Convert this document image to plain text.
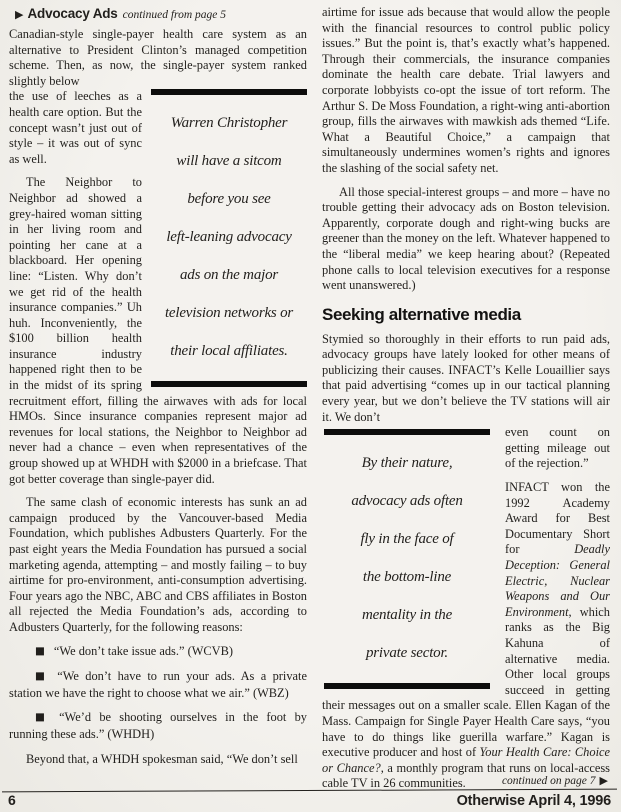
▶ Advocacy Ads continued from page 5

Canadian-style single-payer health care system as an alternative to President Clinton’s managed competition scheme. Then, as now, the single-payer system ranked slightly below

Warren Christopher
will have a sitcom
before you see
left-leaning advocacy
ads on the major
television networks or
their local affiliates.

the use of leeches as a health care option. But the concept wasn’t just out of style – it was out of sync as well.

The Neighbor to Neighbor ad showed a grey-haired woman sitting in her living room and pointing her cane at a blackboard. Her opening line: “Listen. Why don’t we get rid of the health insurance companies.” Uh huh. Inconveniently, the $100 billion health insurance industry happened right then to be in the midst of its spring recruitment effort, filling the airwaves with ads for local HMOs. Since insurance companies represent major ad revenues for local stations, the Neighbor to Neighbor ad never had a chance – even when representatives of the group showed up at WHDH with $2000 in a briefcase. That got better coverage than single-payer did.

The same clash of economic interests has sunk an ad campaign produced by the Vancouver-based Media Foundation, which publishes Adbusters Quarterly. For the past eight years the Media Foundation has pursued a social marketing agenda, attempting – and mostly failing – to buy airtime for pro-environment, anti-consumption advertising. Four years ago the NBC, ABC and CBS affiliates in Boston all rejected the Media Foundation’s ads, according to Adbusters Quarterly, for the following reasons:

■ “We don’t take issue ads.” (WCVB)

■ “We don’t have to run your ads. As a private station we have the right to choose what we air.” (WBZ)

■ “We’d be shooting ourselves in the foot by running these ads.” (WHDH)

Beyond that, a WHDH spokesman said, “We don’t sell

airtime for issue ads because that would allow the people with the financial resources to control public policy issues.” But the point is, that’s exactly what’s happened. Through their commercials, the insurance companies dominate the health care debate. Trial lawyers and corporate lobbyists co-opt the issue of tort reform. The Arthur S. De Moss Foundation, a right-wing anti-abortion group, fills the airwaves with mawkish ads themed “Life. What a Beautiful Choice,” a campaign that simultaneously undermines women’s rights and ignores the slashing of the social safety net.

All those special-interest groups – and more – have no trouble getting their advocacy ads on Boston television. Apparently, corporate dough and right-wing bucks are greener than the money on the left. Whatever happened to the “liberal media” we keep hearing about? (Repeated phone calls to local television executives for a response went unanswered.)

Seeking alternative media

Stymied so thoroughly in their efforts to run paid ads, advocacy groups have lately looked for other means of publicizing their causes. INFACT’s Kelle Louaillier says that paid advertising “comes up in our tactical planning every year, but we don’t believe the TV stations will air it. We don’t

By their nature,
advocacy ads often
fly in the face of
the bottom-line
mentality in the
private sector.

even count on getting mileage out of the rejection.”

INFACT won the 1992 Academy Award for Best Documentary Short for Deadly Deception: General Electric, Nuclear Weapons and Our Environment, which ranks as the Big Kahuna of alternative media. Other local groups succeed in getting their messages out on a smaller scale. Ellen Kagan of the Mass. Campaign for Single Payer Health Care says, “you have to do things like guerilla warfare.” Kagan is executive producer and host of Your Health Care: Choice or Chance?, a monthly program that runs on local-access cable TV in 26 communities.	continued on page 7 ▶
6	Otherwise April 4, 1996
